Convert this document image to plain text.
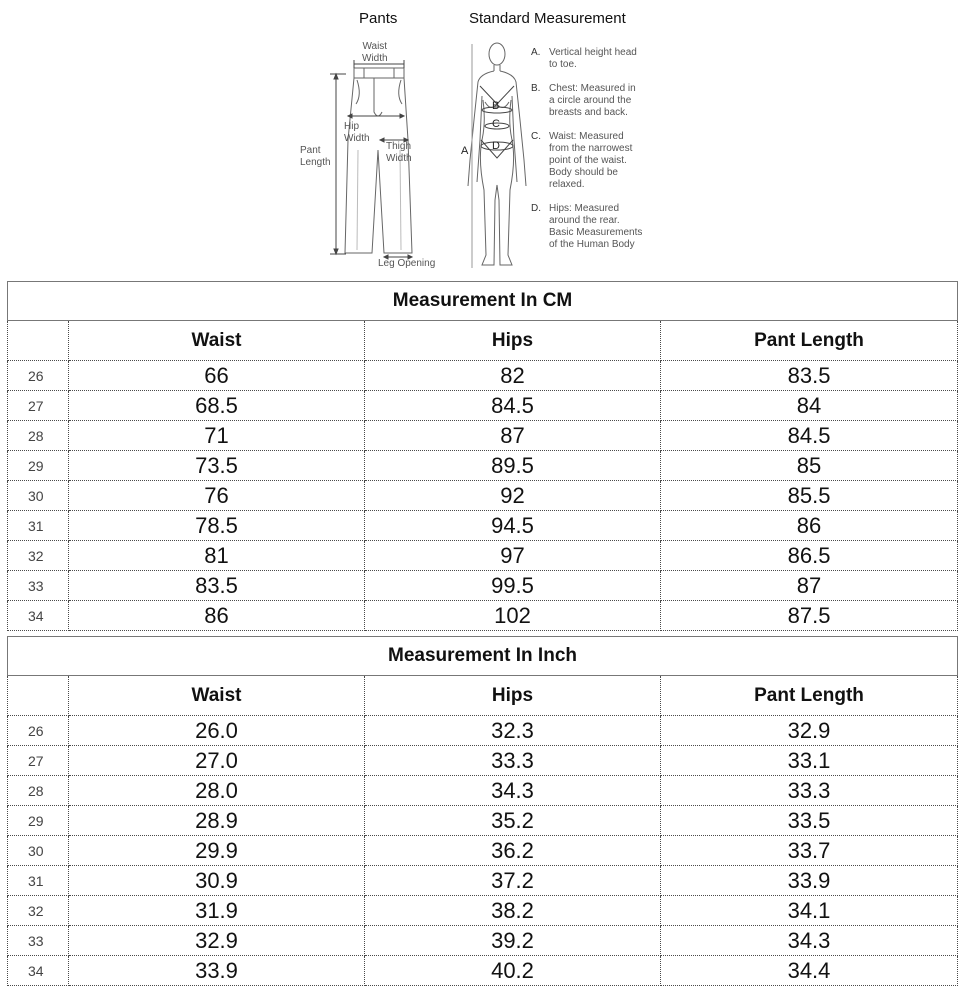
Pants	Standard Measurement
Waist
Width
Hip
Width
Thigh
Width
Pant
Length
Leg Opening
A
B
C
D
A. Vertical height head
to toe.
B. Chest: Measured in
a circle around the
breasts and back.
C. Waist: Measured
from the narrowest
point of the waist.
Body should be
relaxed.
D. Hips: Measured
around the rear.
Basic Measurements
of the Human Body
Measurement In CM			
	Waist	Hips	Pant Length
26	66	82	83.5
27	68.5	84.5	84
28	71	87	84.5
29	73.5	89.5	85
30	76	92	85.5
31	78.5	94.5	86
32	81	97	86.5
33	83.5	99.5	87
34	86	102	87.5
Measurement In Inch			
	Waist	Hips	Pant Length
26	26.0	32.3	32.9
27	27.0	33.3	33.1
28	28.0	34.3	33.3
29	28.9	35.2	33.5
30	29.9	36.2	33.7
31	30.9	37.2	33.9
32	31.9	38.2	34.1
33	32.9	39.2	34.3
34	33.9	40.2	34.4
